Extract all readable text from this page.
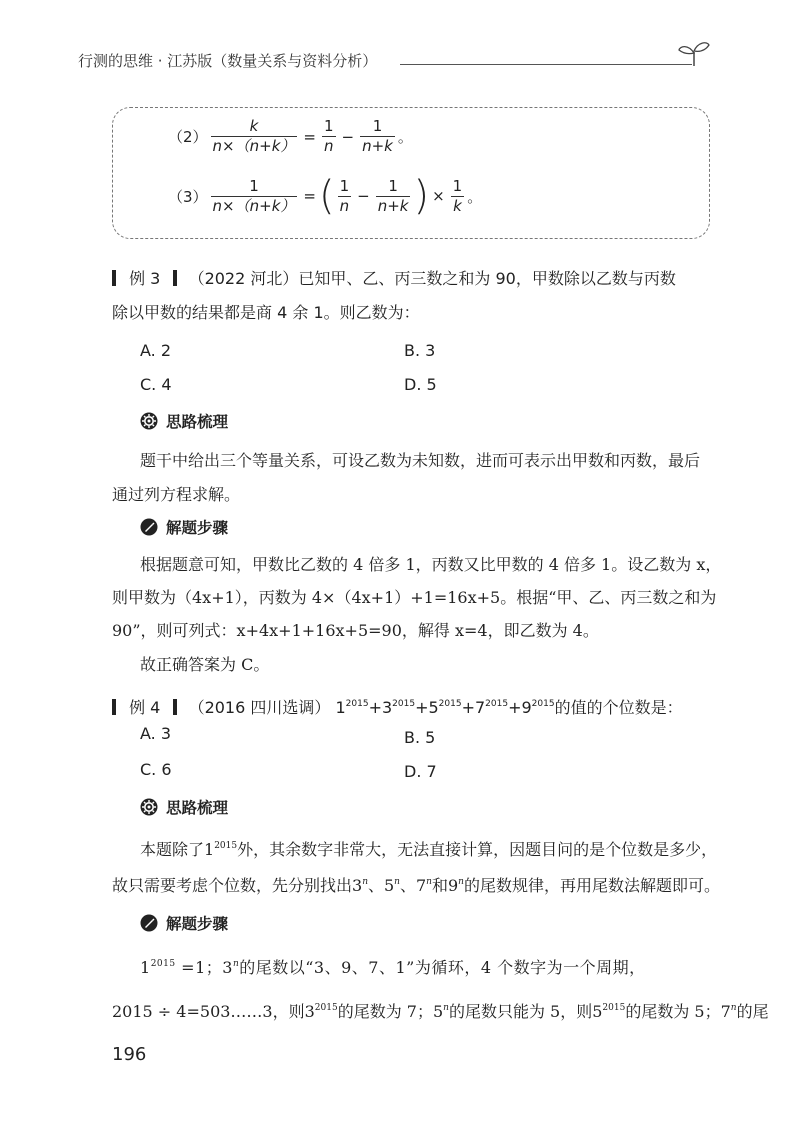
行测的思维 · 江苏版（数量关系与资料分析）
$(2) \frac{k}{n\times(n+k)} = \frac{1}{n} - \frac{1}{n+k}$ 。
$(3) \frac{1}{n\times(n+k)}$ = ( $\frac{1}{n} - \frac{1}{n+k}$ ) × $\frac{1}{k}$ 。
例 3 （2022 河北）已知甲、乙、丙三数之和为 90，甲数除以乙数与丙数
除以甲数的结果都是商 4 余 1。则乙数为：
A. 2	B. 3
C. 4	D. 5
思路梳理
题干中给出三个等量关系，可设乙数为未知数，进而可表示出甲数和丙数，最后
通过列方程求解。
解题步骤
根据题意可知，甲数比乙数的 4 倍多 1，丙数又比甲数的 4 倍多 1。设乙数为 x，
则甲数为（4x+1），丙数为 4×（4x+1）+1=16x+5。根据“甲、乙、丙三数之和为
90”，则可列式：x+4x+1+16x+5=90，解得 x=4，即乙数为 4。
故正确答案为 C。
例 4 （2016 四川选调） $1^{2015}+3^{2015}+5^{2015}+7^{2015}+9^{2015}$的值的个位数是：
A. 3	B. 5
C. 6	D. 7
思路梳理
本题除了$1^{2015}$外，其余数字非常大，无法直接计算，因题目问的是个位数是多少，
故只需要考虑个位数，先分别找出3$^n$、5$^n$、7$^n$和9$^n$的尾数规律，再用尾数法解题即可。
解题步骤
$1^{2015} =1$；3$^n$的尾数以“3、9、7、1”为循环，4 个数字为一个周期，
2015 ÷ 4=503……3，则$3^{2015}$的尾数为 7；5$^n$的尾数只能为 5，则$5^{2015}$的尾数为 5；7$^n$的尾
196
